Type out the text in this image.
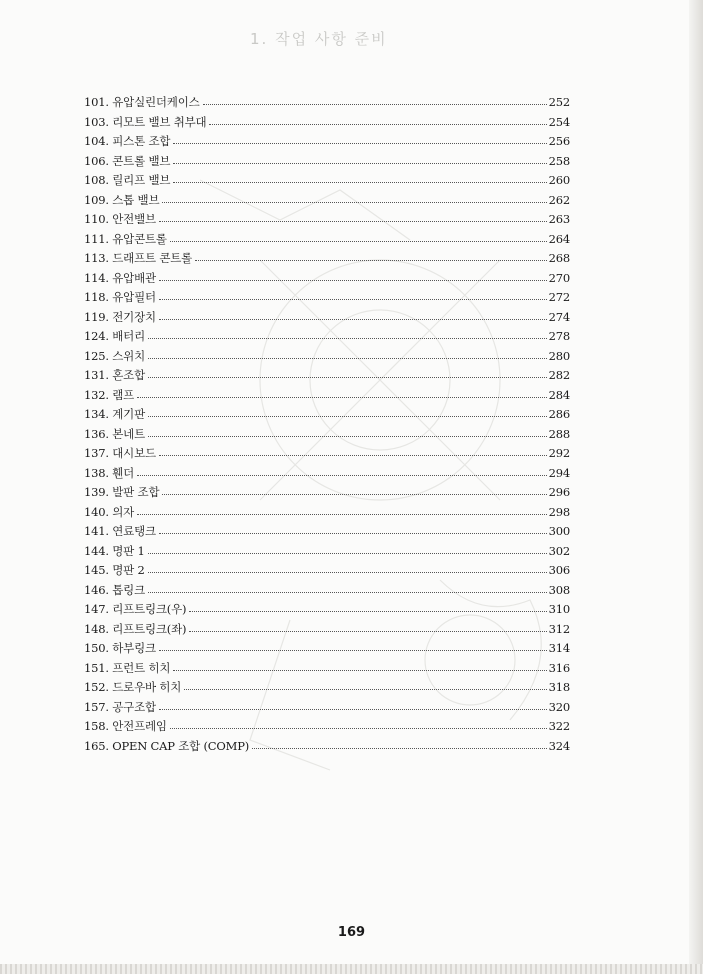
1. 작업 사항 준비
101. 유압실린더케이스	252
103. 리모트 밸브 취부대	254
104. 피스톤 조합	256
106. 콘트롤 밸브	258
108. 릴리프 밸브	260
109. 스톱 밸브	262
110. 안전밸브	263
111. 유압콘트롤	264
113. 드래프트 콘트롤	268
114. 유압배관	270
118. 유압필터	272
119. 전기장치	274
124. 배터리	278
125. 스위치	280
131. 혼조합	282
132. 램프	284
134. 계기판	286
136. 본네트	288
137. 대시보드	292
138. 휀더	294
139. 발판 조합	296
140. 의자	298
141. 연료탱크	300
144. 명판 1	302
145. 명판 2	306
146. 톱링크	308
147. 리프트링크(우)	310
148. 리프트링크(좌)	312
150. 하부링크	314
151. 프런트 히치	316
152. 드로우바 히치	318
157. 공구조합	320
158. 안전프레임	322
165. OPEN CAP 조합 (COMP)	324
169
